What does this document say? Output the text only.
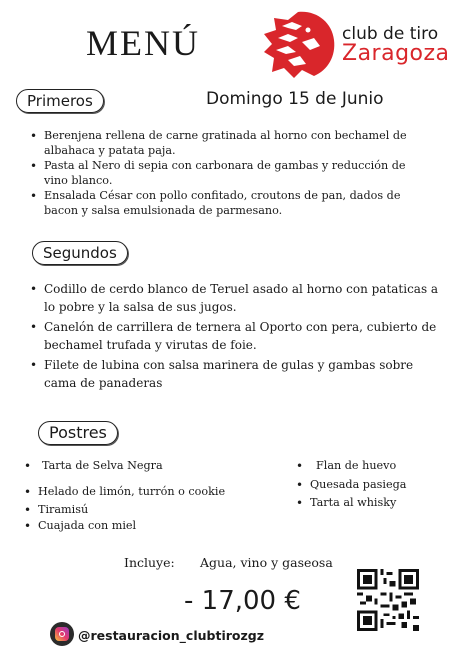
MENÚ	club de tiro
Zaragoza
Primeros	Domingo 15 de Junio
• Berenjena rellena de carne gratinada al horno con bechamel de albahaca y patata paja.
• Pasta al Nero di sepia con carbonara de gambas y reducción de vino blanco.
• Ensalada César con pollo confitado, croutons de pan, dados de bacon y salsa emulsionada de parmesano.
Segundos
• Codillo de cerdo blanco de Teruel asado al horno con pataticas a lo pobre y la salsa de sus jugos.
• Canelón de carrillera de ternera al Oporto con pera, cubierto de bechamel trufada y virutas de foie.
• Filete de lubina con salsa marinera de gulas y gambas sobre cama de panaderas
Postres
• Tarta de Selva Negra
• Helado de limón, turrón o cookie
• Tiramisú
• Cuajada con miel
• Flan de huevo
• Quesada pasiega
• Tarta al whisky
Incluye: Agua, vino y gaseosa
- 17,00 €
@restauracion_clubtirozgz
